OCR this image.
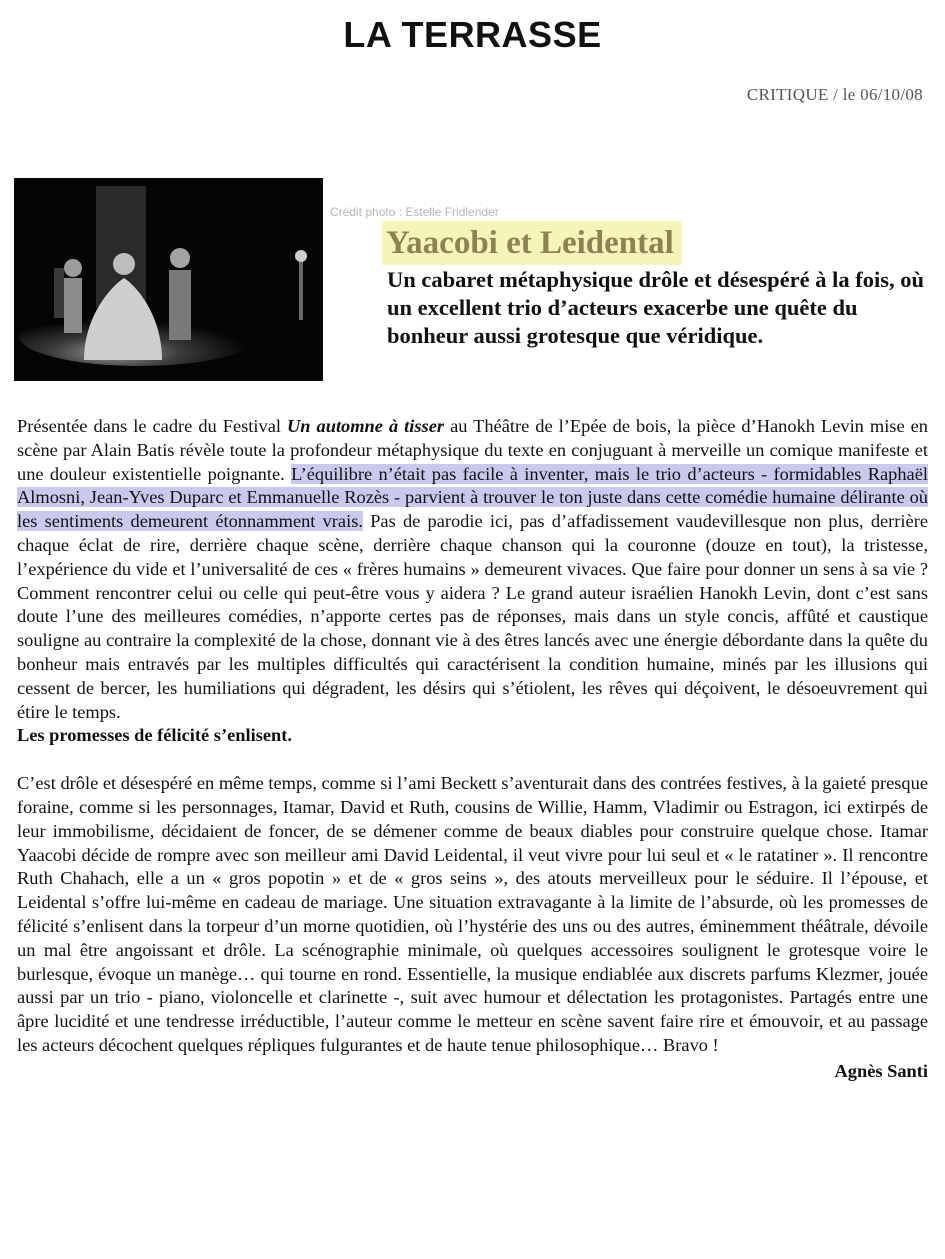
LA TERRASSE
CRITIQUE / le 06/10/08
Crédit photo : Estelle Fridlender
Yaacobi et Leidental
Un cabaret métaphysique drôle et désespéré à la fois, où un excellent trio d’acteurs exacerbe une quête du bonheur aussi grotesque que véridique.

Présentée dans le cadre du Festival Un automne à tisser au Théâtre de l’Epée de bois, la pièce d’Hanokh Levin mise en scène par Alain Batis révèle toute la profondeur métaphysique du texte en conjuguant à merveille un comique manifeste et une douleur existentielle poignante. L’équilibre n’était pas facile à inventer, mais le trio d’acteurs - formidables Raphaël Almosni, Jean-Yves Duparc et Emmanuelle Rozès - parvient à trouver le ton juste dans cette comédie humaine délirante où les sentiments demeurent étonnamment vrais. Pas de parodie ici, pas d’affadissement vaudevillesque non plus, derrière chaque éclat de rire, derrière chaque scène, derrière chaque chanson qui la couronne (douze en tout), la tristesse, l’expérience du vide et l’universalité de ces « frères humains » demeurent vivaces. Que faire pour donner un sens à sa vie ? Comment rencontrer celui ou celle qui peut-être vous y aidera ? Le grand auteur israélien Hanokh Levin, dont c’est sans doute l’une des meilleures comédies, n’apporte certes pas de réponses, mais dans un style concis, affûté et caustique souligne au contraire la complexité de la chose, donnant vie à des êtres lancés avec une énergie débordante dans la quête du bonheur mais entravés par les multiples difficultés qui caractérisent la condition humaine, minés par les illusions qui cessent de bercer, les humiliations qui dégradent, les désirs qui s’étiolent, les rêves qui déçoivent, le désoeuvrement qui étire le temps.

Les promesses de félicité s’enlisent.

C’est drôle et désespéré en même temps, comme si l’ami Beckett s’aventurait dans des contrées festives, à la gaieté presque foraine, comme si les personnages, Itamar, David et Ruth, cousins de Willie, Hamm, Vladimir ou Estragon, ici extirpés de leur immobilisme, décidaient de foncer, de se démener comme de beaux diables pour construire quelque chose. Itamar Yaacobi décide de rompre avec son meilleur ami David Leidental, il veut vivre pour lui seul et « le ratatiner ». Il rencontre Ruth Chahach, elle a un « gros popotin » et de « gros seins », des atouts merveilleux pour le séduire. Il l’épouse, et Leidental s’offre lui-même en cadeau de mariage. Une situation extravagante à la limite de l’absurde, où les promesses de félicité s’enlisent dans la torpeur d’un morne quotidien, où l’hystérie des uns ou des autres, éminemment théâtrale, dévoile un mal être angoissant et drôle. La scénographie minimale, où quelques accessoires soulignent le grotesque voire le burlesque, évoque un manège… qui tourne en rond. Essentielle, la musique endiablée aux discrets parfums Klezmer, jouée aussi par un trio - piano, violoncelle et clarinette -, suit avec humour et délectation les protagonistes. Partagés entre une âpre lucidité et une tendresse irréductible, l’auteur comme le metteur en scène savent faire rire et émouvoir, et au passage les acteurs décochent quelques répliques fulgurantes et de haute tenue philosophique… Bravo !

Agnès Santi
